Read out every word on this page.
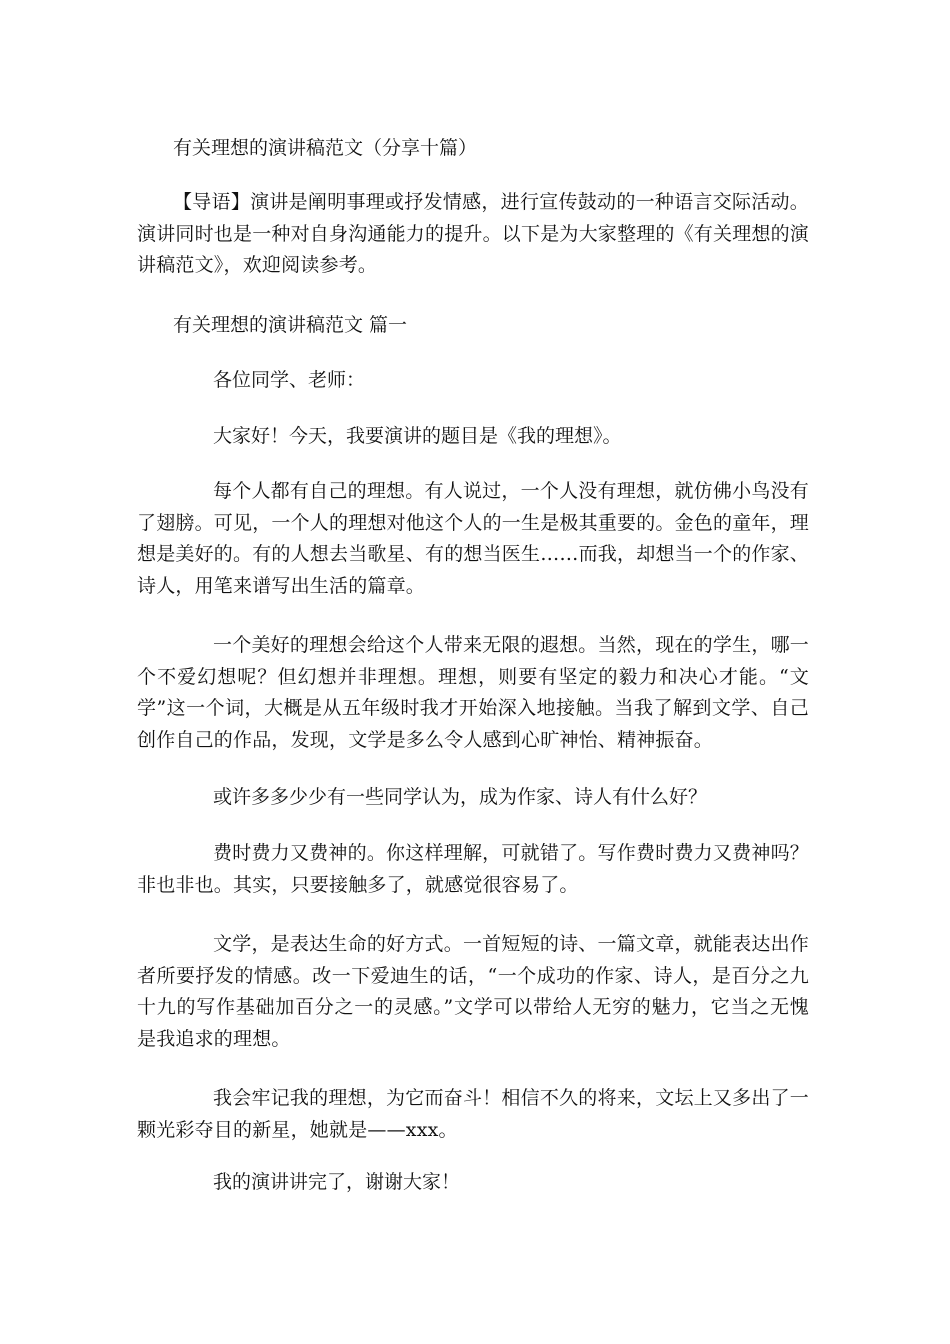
有关理想的演讲稿范文（分享十篇）
【导语】演讲是阐明事理或抒发情感，进行宣传鼓动的一种语言交际活动。演讲同时也是一种对自身沟通能力的提升。以下是为大家整理的《有关理想的演讲稿范文》，欢迎阅读参考。
有关理想的演讲稿范文 篇一
各位同学、老师：
大家好！今天，我要演讲的题目是《我的理想》。
每个人都有自己的理想。有人说过，一个人没有理想，就仿佛小鸟没有了翅膀。可见，一个人的理想对他这个人的一生是极其重要的。金色的童年，理想是美好的。有的人想去当歌星、有的想当医生……而我，却想当一个的作家、诗人，用笔来谱写出生活的篇章。
一个美好的理想会给这个人带来无限的遐想。当然，现在的学生，哪一个不爱幻想呢？但幻想并非理想。理想，则要有坚定的毅力和决心才能。“文学”这一个词，大概是从五年级时我才开始深入地接触。当我了解到文学、自己创作自己的作品，发现，文学是多么令人感到心旷神怡、精神振奋。
或许多多少少有一些同学认为，成为作家、诗人有什么好？
费时费力又费神的。你这样理解，可就错了。写作费时费力又费神吗？非也非也。其实，只要接触多了，就感觉很容易了。
文学，是表达生命的好方式。一首短短的诗、一篇文章，就能表达出作者所要抒发的情感。改一下爱迪生的话，“一个成功的作家、诗人，是百分之九十九的写作基础加百分之一的灵感。”文学可以带给人无穷的魅力，它当之无愧是我追求的理想。
我会牢记我的理想，为它而奋斗！相信不久的将来，文坛上又多出了一颗光彩夺目的新星，她就是——xxx。
我的演讲讲完了，谢谢大家！
